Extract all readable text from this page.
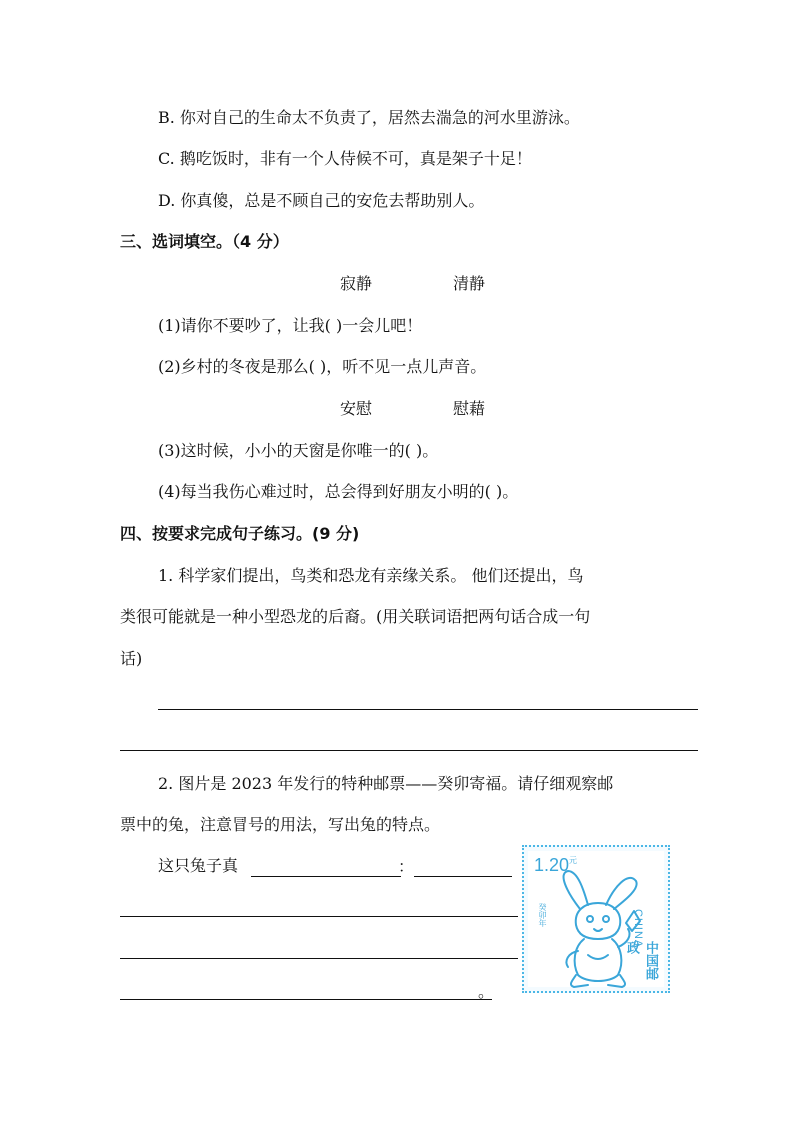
B. 你对自己的生命太不负责了，居然去湍急的河水里游泳。
C. 鹅吃饭时，非有一个人侍候不可，真是架子十足！
D. 你真傻，总是不顾自己的安危去帮助别人。
三、选词填空。（4 分）
寂静	清静
(1)请你不要吵了，让我( )一会儿吧！
(2)乡村的冬夜是那么( )，听不见一点儿声音。
安慰	慰藉
(3)这时候，小小的天窗是你唯一的( )。
(4)每当我伤心难过时，总会得到好朋友小明的( )。
四、按要求完成句子练习。(9 分)
1. 科学家们提出，鸟类和恐龙有亲缘关系。 他们还提出，鸟
类很可能就是一种小型恐龙的后裔。(用关联词语把两句话合成一句
话)
2. 图片是 2023 年发行的特种邮票——癸卯寄福。请仔细观察邮
票中的兔，注意冒号的用法，写出兔的特点。
这只兔子真	：
。
$1.20^元$
癸卯年	CHINA
中国邮政
